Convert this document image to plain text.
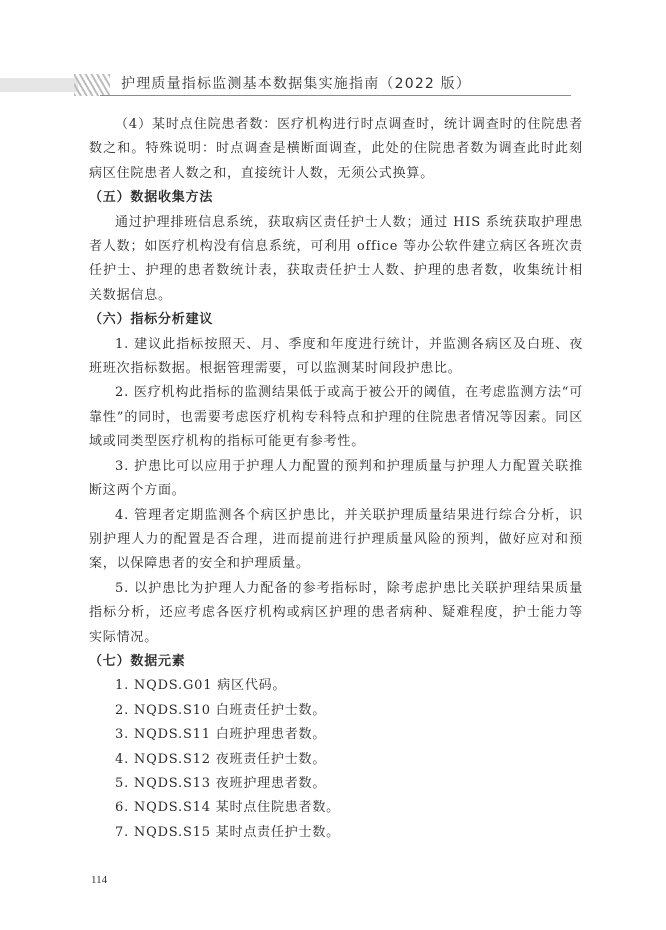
护理质量指标监测基本数据集实施指南（2022 版）

（4）某时点住院患者数：医疗机构进行时点调查时，统计调查时的住院患者数之和。特殊说明：时点调查是横断面调查，此处的住院患者数为调查此时此刻病区住院患者人数之和，直接统计人数，无须公式换算。

（五）数据收集方法

通过护理排班信息系统，获取病区责任护士人数；通过 HIS 系统获取护理患者人数；如医疗机构没有信息系统，可利用 office 等办公软件建立病区各班次责任护士、护理的患者数统计表，获取责任护士人数、护理的患者数，收集统计相关数据信息。

（六）指标分析建议

1. 建议此指标按照天、月、季度和年度进行统计，并监测各病区及白班、夜班班次指标数据。根据管理需要，可以监测某时间段护患比。

2. 医疗机构此指标的监测结果低于或高于被公开的阈值，在考虑监测方法“可靠性”的同时，也需要考虑医疗机构专科特点和护理的住院患者情况等因素。同区域或同类型医疗机构的指标可能更有参考性。

3. 护患比可以应用于护理人力配置的预判和护理质量与护理人力配置关联推断这两个方面。

4. 管理者定期监测各个病区护患比，并关联护理质量结果进行综合分析，识别护理人力的配置是否合理，进而提前进行护理质量风险的预判，做好应对和预案，以保障患者的安全和护理质量。

5. 以护患比为护理人力配备的参考指标时，除考虑护患比关联护理结果质量指标分析，还应考虑各医疗机构或病区护理的患者病种、疑难程度，护士能力等实际情况。

（七）数据元素

1. NQDS.G01 病区代码。

2. NQDS.S10 白班责任护士数。

3. NQDS.S11 白班护理患者数。

4. NQDS.S12 夜班责任护士数。

5. NQDS.S13 夜班护理患者数。

6. NQDS.S14 某时点住院患者数。

7. NQDS.S15 某时点责任护士数。

114
